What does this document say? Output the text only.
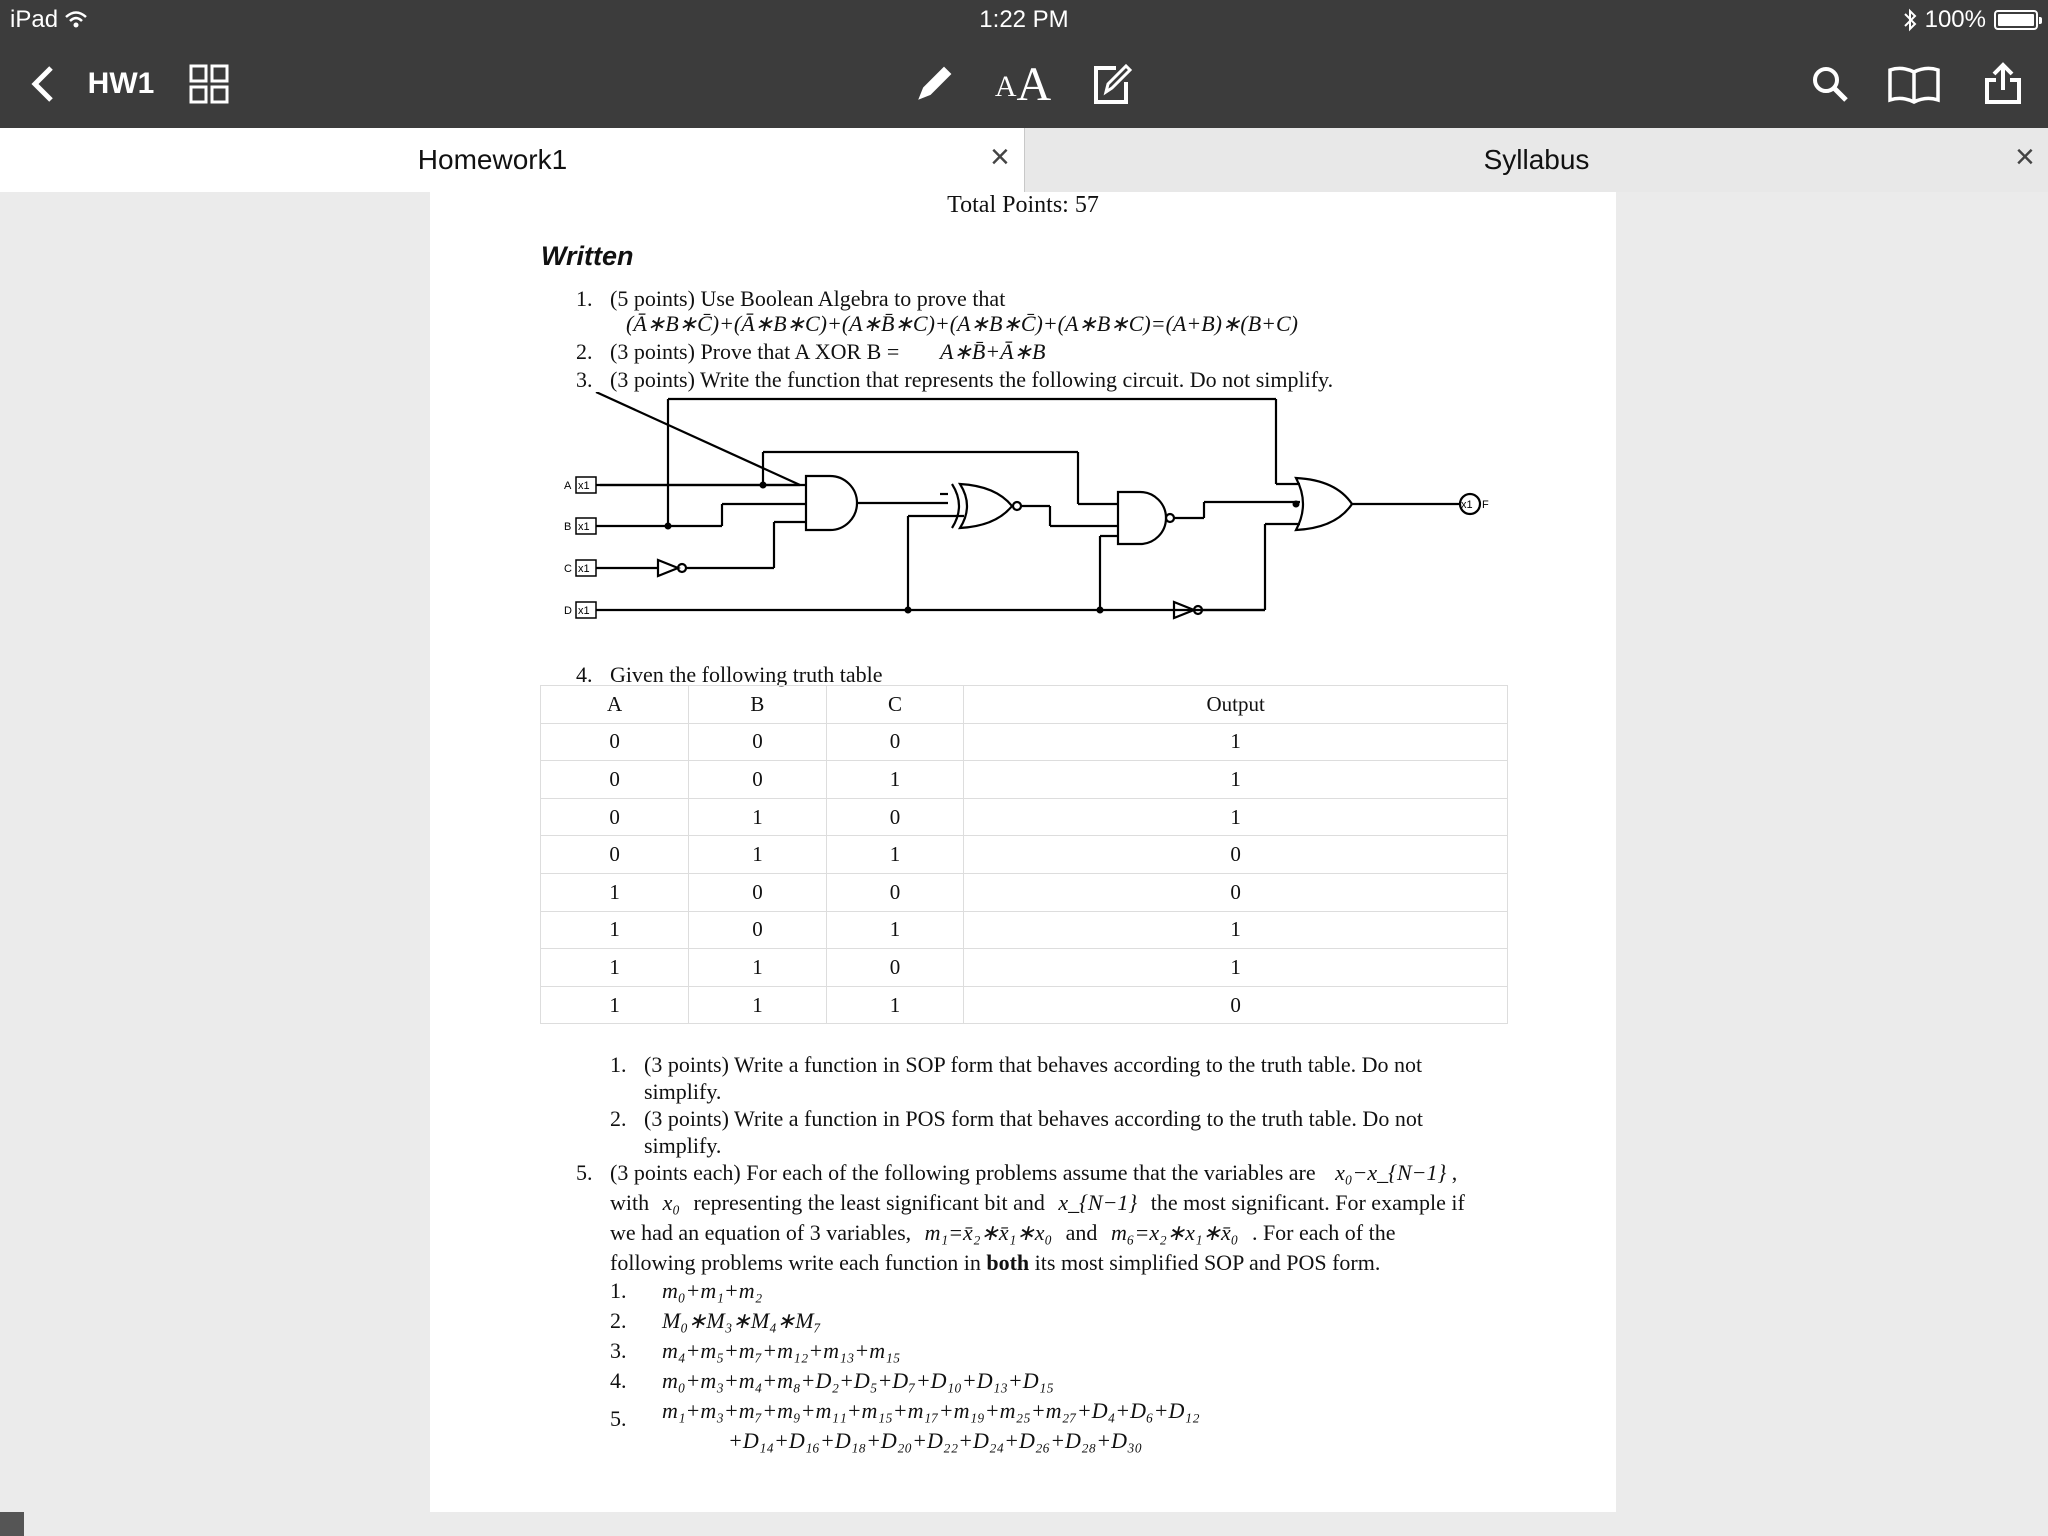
iPad	1:22 PM	100%
HW1	A A
Homework1	×	Syllabus	×
Total Points: 57
Written
1. (5 points) Use Boolean Algebra to prove that
(Ā∗B∗C̄)+(Ā∗B∗C)+(A∗B̄∗C)+(A∗B∗C̄)+(A∗B∗C)=(A+B)∗(B+C)
2. (3 points) Prove that A XOR B = A∗B̄+Ā∗B
3. (3 points) Write the function that represents the following circuit. Do not simplify.
A
B
C
D
x1
x1
x1
x1
x1 F
4. Given the following truth table
A	B	C	Output
0	0	0	1
0	0	1	1
0	1	0	1
0	1	1	0
1	0	0	0
1	0	1	1
1	1	0	1
1	1	1	0
1. (3 points) Write a function in SOP form that behaves according to the truth table. Do not
simplify.
2. (3 points) Write a function in POS form that behaves according to the truth table. Do not
simplify.
5. (3 points each) For each of the following problems assume that the variables are x₀−x_{N−1} ,
with x₀ representing the least significant bit and x_{N−1} the most significant. For example if
we had an equation of 3 variables, m₁=x̄₂∗x̄₁∗x₀ and m₆=x₂∗x₁∗x̄₀ . For each of the
following problems write each function in both its most simplified SOP and POS form.
1. m₀+m₁+m₂
2. M₀∗M₃∗M₄∗M₇
3. m₄+m₅+m₇+m₁₂+m₁₃+m₁₅
4. m₀+m₃+m₄+m₈+D₂+D₅+D₇+D₁₀+D₁₃+D₁₅
5. m₁+m₃+m₇+m₉+m₁₁+m₁₅+m₁₇+m₁₉+m₂₅+m₂₇+D₄+D₆+D₁₂
+D₁₄+D₁₆+D₁₈+D₂₀+D₂₂+D₂₄+D₂₆+D₂₈+D₃₀
